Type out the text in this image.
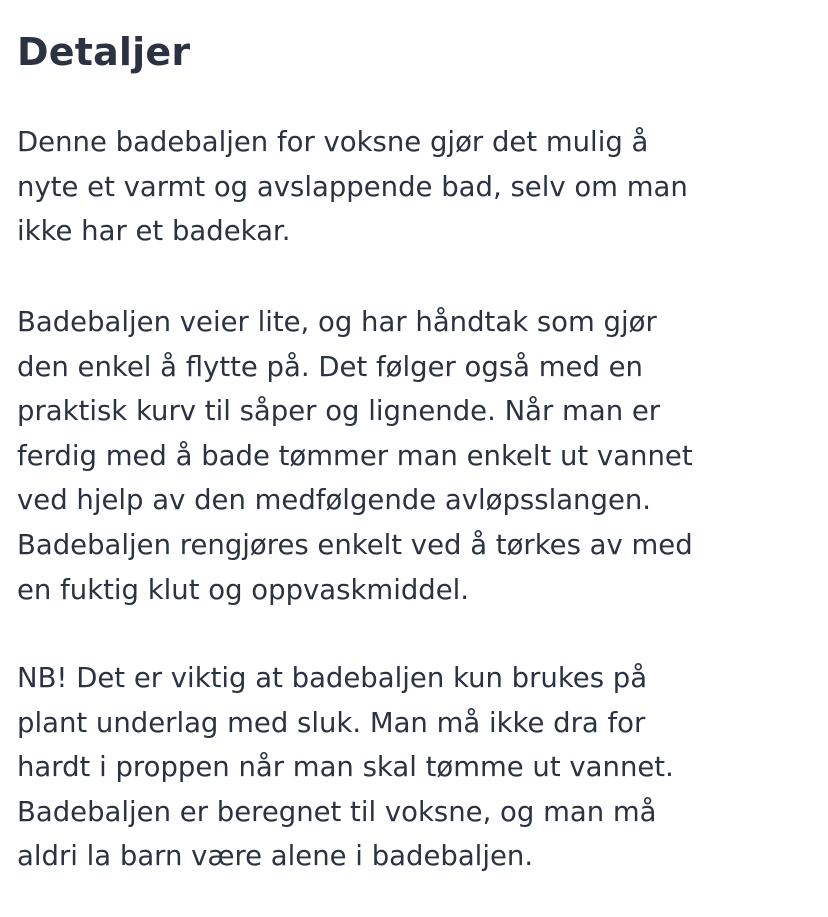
Detaljer

Denne badebaljen for voksne gjør det mulig å
nyte et varmt og avslappende bad, selv om man
ikke har et badekar.

Badebaljen veier lite, og har håndtak som gjør
den enkel å flytte på. Det følger også med en
praktisk kurv til såper og lignende. Når man er
ferdig med å bade tømmer man enkelt ut vannet
ved hjelp av den medfølgende avløpsslangen.
Badebaljen rengjøres enkelt ved å tørkes av med
en fuktig klut og oppvaskmiddel.

NB! Det er viktig at badebaljen kun brukes på
plant underlag med sluk. Man må ikke dra for
hardt i proppen når man skal tømme ut vannet.
Badebaljen er beregnet til voksne, og man må
aldri la barn være alene i badebaljen.
